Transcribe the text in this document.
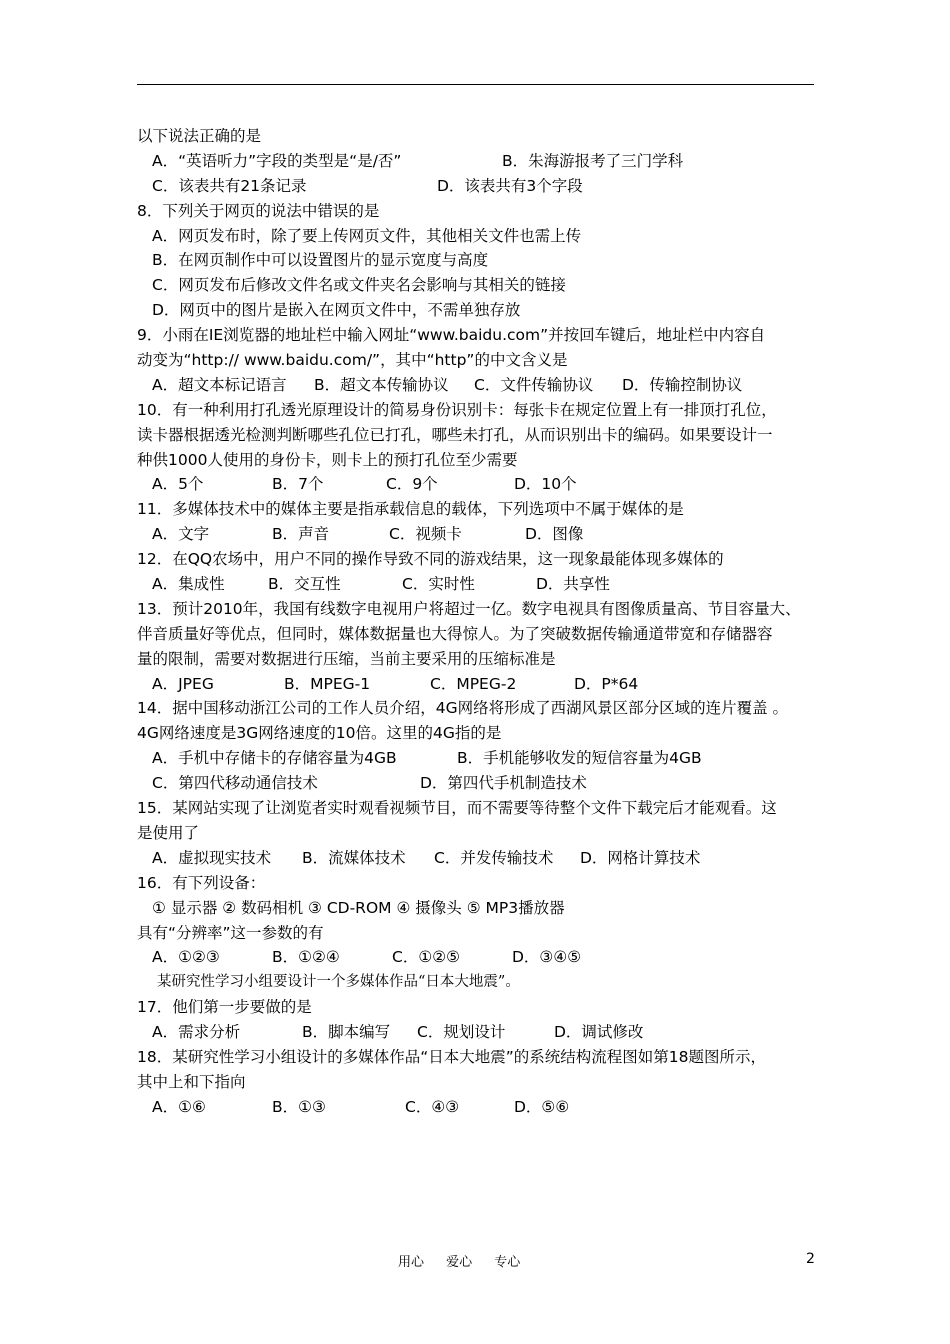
以下说法正确的是
A．“英语听力”字段的类型是“是/否”	B．朱海游报考了三门学科
C．该表共有21条记录	D．该表共有3个字段
8．下列关于网页的说法中错误的是
A．网页发布时，除了要上传网页文件，其他相关文件也需上传
B．在网页制作中可以设置图片的显示宽度与高度
C．网页发布后修改文件名或文件夹名会影响与其相关的链接
D．网页中的图片是嵌入在网页文件中，不需单独存放
9．小雨在IE浏览器的地址栏中输入网址“www.baidu.com”并按回车键后，地址栏中内容自
动变为“http:// www.baidu.com/”，其中“http”的中文含义是
A．超文本标记语言 B．超文本传输协议 C．文件传输协议 D．传输控制协议
10．有一种利用打孔透光原理设计的简易身份识别卡：每张卡在规定位置上有一排顶打孔位，
读卡器根据透光检测判断哪些孔位已打孔，哪些未打孔，从而识别出卡的编码。如果要设计一
种供1000人使用的身份卡，则卡上的预打孔位至少需要
A．5个	B．7个	C．9个	D．10个
11．多媒体技术中的媒体主要是指承载信息的载体，下列选项中不属于媒体的是
A．文字	B．声音	C．视频卡	D．图像
12．在QQ农场中，用户不同的操作导致不同的游戏结果，这一现象最能体现多媒体的
A．集成性	B．交互性	C．实时性	D．共享性
13．预计2010年，我国有线数字电视用户将超过一亿。数字电视具有图像质量高、节目容量大、
伴音质量好等优点，但同时，媒体数据量也大得惊人。为了突破数据传输通道带宽和存储器容
量的限制，需要对数据进行压缩，当前主要采用的压缩标准是
A．JPEG	B．MPEG-1	C．MPEG-2	D．P*64
14．据中国移动浙江公司的工作人员介绍，4G网络将形成了西湖风景区部分区域的连片覆盖 。
4G网络速度是3G网络速度的10倍。这里的4G指的是
A．手机中存储卡的存储容量为4GB	B．手机能够收发的短信容量为4GB
C．第四代移动通信技术	D．第四代手机制造技术
15．某网站实现了让浏览者实时观看视频节目，而不需要等待整个文件下载完后才能观看。这
是使用了
A．虚拟现实技术 B．流媒体技术 C．并发传输技术 D．网格计算技术
16．有下列设备：
① 显示器 ② 数码相机 ③ CD-ROM ④ 摄像头 ⑤ MP3播放器
具有“分辨率”这一参数的有
A．①②③	B．①②④	C．①②⑤	D．③④⑤
某研究性学习小组要设计一个多媒体作品“日本大地震”。
17．他们第一步要做的是
A．需求分析	B．脚本编写 C．规划设计	D．调试修改
18．某研究性学习小组设计的多媒体作品“日本大地震”的系统结构流程图如第18题图所示，
其中上和下指向
A．①⑥	B．①③	C．④③	D．⑤⑥
用心 爱心 专心	2
